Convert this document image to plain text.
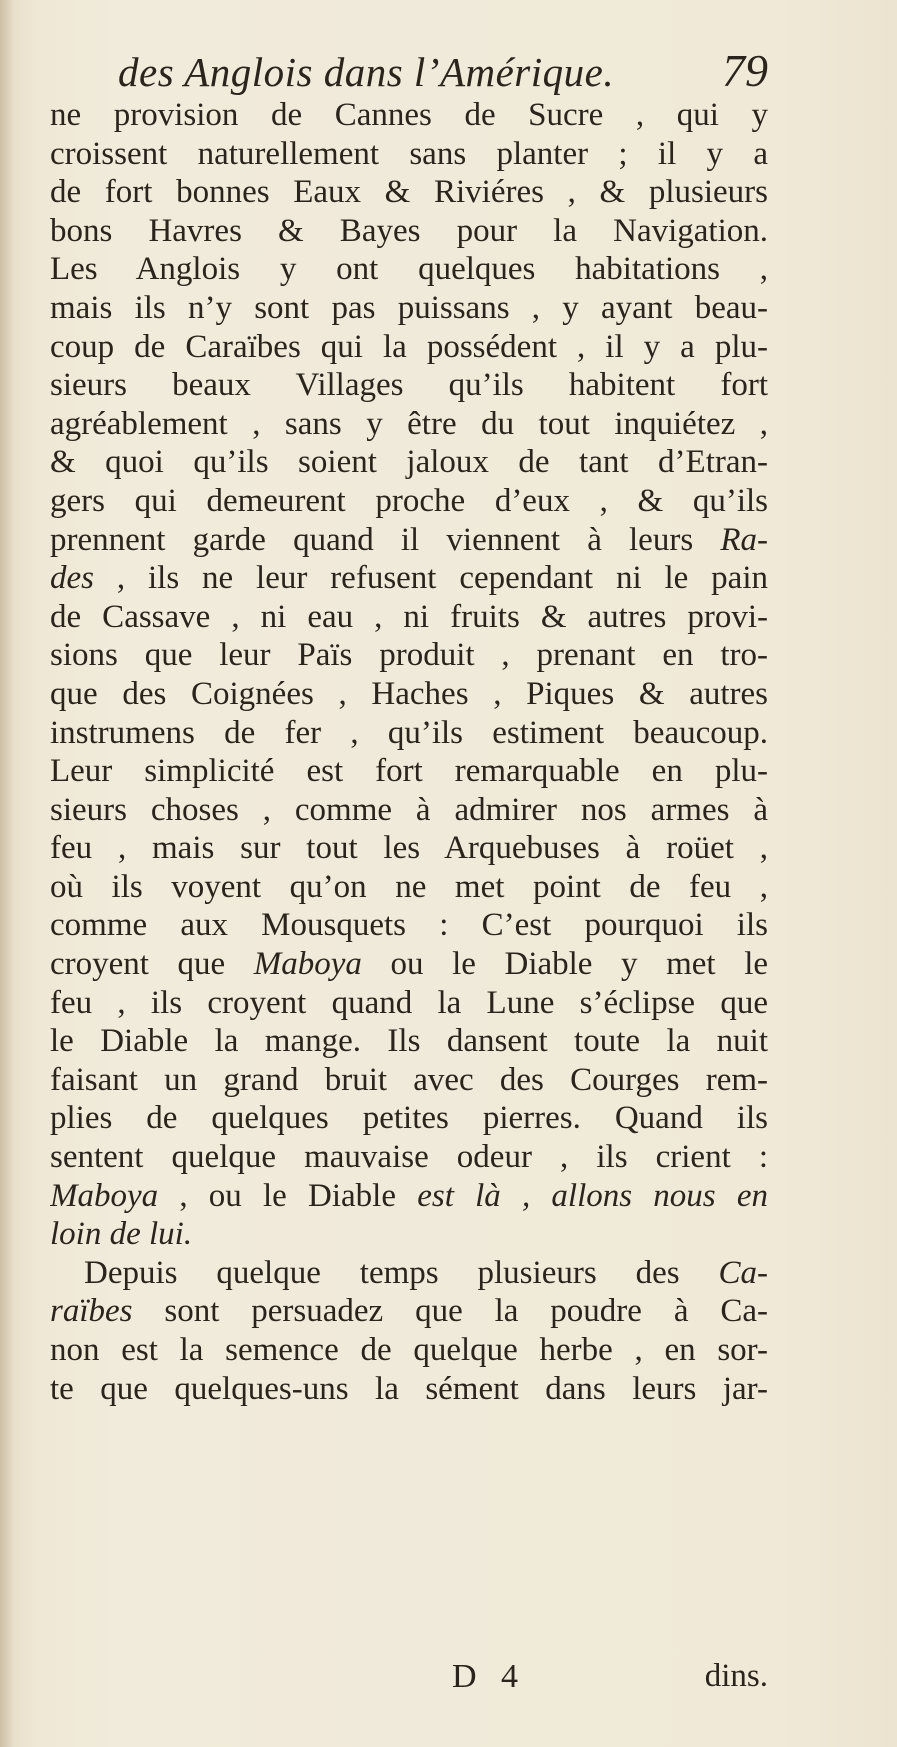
des Anglois dans l’Amérique. 79
ne provision de Cannes de Sucre , qui y
croissent naturellement sans planter ; il y a
de fort bonnes Eaux & Riviéres , & plusieurs
bons Havres & Bayes pour la Navigation.
Les Anglois y ont quelques habitations ,
mais ils n’y sont pas puissans , y ayant beau-
coup de Caraïbes qui la possédent , il y a plu-
sieurs beaux Villages qu’ils habitent fort
agréablement , sans y être du tout inquiétez ,
& quoi qu’ils soient jaloux de tant d’Etran-
gers qui demeurent proche d’eux , & qu’ils
prennent garde quand il viennent à leurs Ra-
des , ils ne leur refusent cependant ni le pain
de Cassave , ni eau , ni fruits & autres provi-
sions que leur Païs produit , prenant en tro-
que des Coignées , Haches , Piques & autres
instrumens de fer , qu’ils estiment beaucoup.
Leur simplicité est fort remarquable en plu-
sieurs choses , comme à admirer nos armes à
feu , mais sur tout les Arquebuses à roüet ,
où ils voyent qu’on ne met point de feu ,
comme aux Mousquets : C’est pourquoi ils
croyent que Maboya ou le Diable y met le
feu , ils croyent quand la Lune s’éclipse que
le Diable la mange. Ils dansent toute la nuit
faisant un grand bruit avec des Courges rem-
plies de quelques petites pierres. Quand ils
sentent quelque mauvaise odeur , ils crient :
Maboya , ou le Diable est là , allons nous en
loin de lui.
Depuis quelque temps plusieurs des Ca-
raïbes sont persuadez que la poudre à Ca-
non est la semence de quelque herbe , en sor-
te que quelques-uns la sément dans leurs jar-
D 4	dins.
